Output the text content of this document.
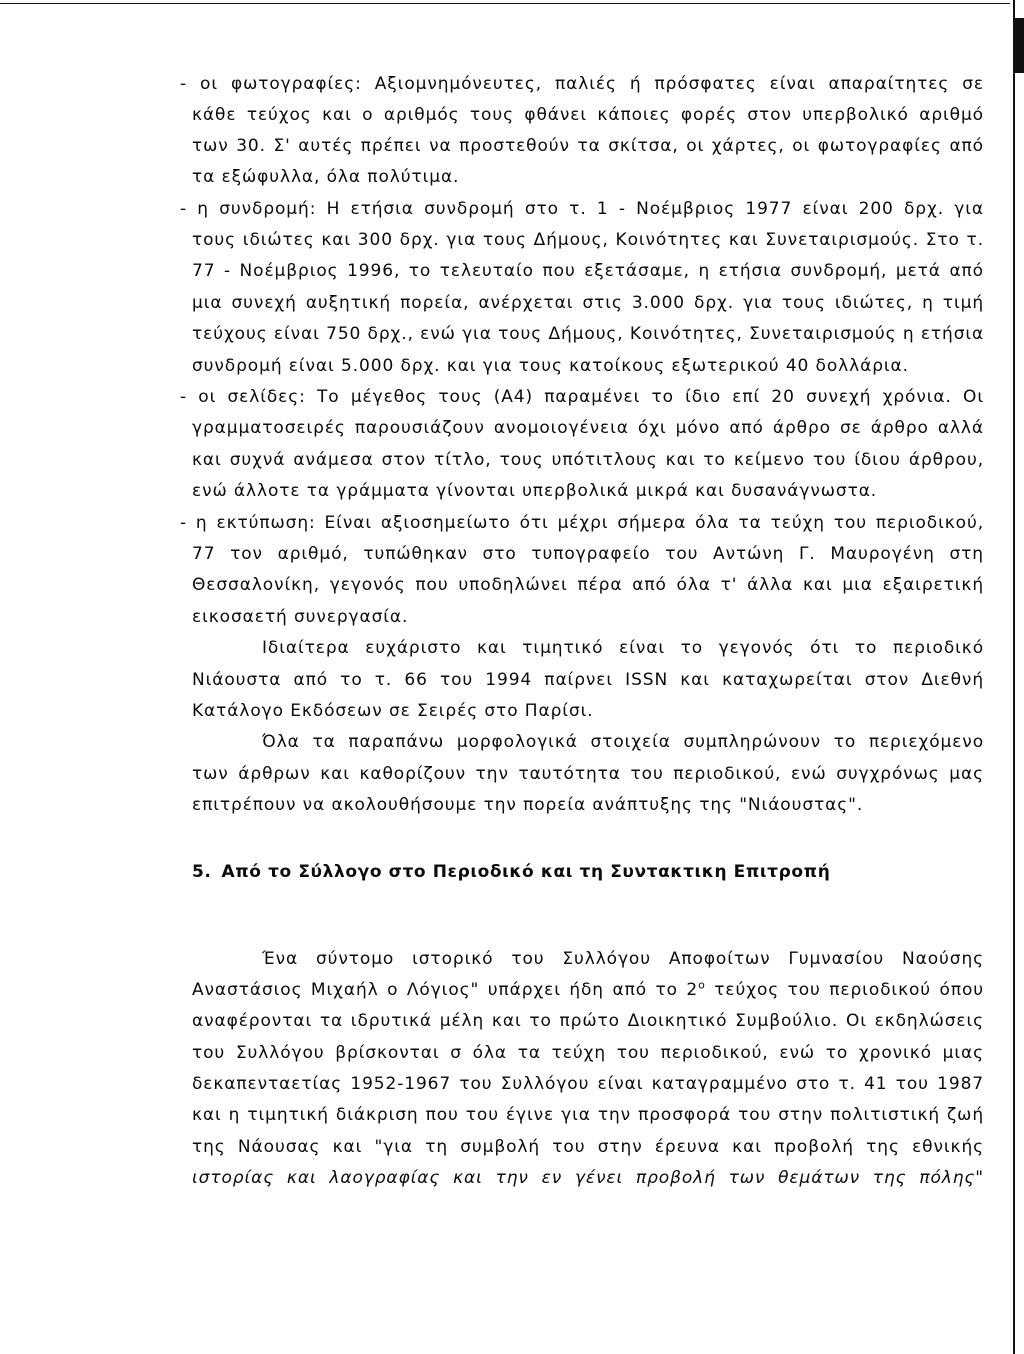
- οι φωτογραφίες: Αξιομνημόνευτες, παλιές ή πρόσφατες είναι απαραίτητες σε
κάθε τεύχος και ο αριθμός τους φθάνει κάποιες φορές στον υπερβολικό αριθμό
των 30. Σ' αυτές πρέπει να προστεθούν τα σκίτσα, οι χάρτες, οι φωτογραφίες από
τα εξώφυλλα, όλα πολύτιμα.
- η συνδρομή: Η ετήσια συνδρομή στο τ. 1 - Νοέμβριος 1977 είναι 200 δρχ. για
τους ιδιώτες και 300 δρχ. για τους Δήμους, Κοινότητες και Συνεταιρισμούς. Στο τ.
77 - Νοέμβριος 1996, το τελευταίο που εξετάσαμε, η ετήσια συνδρομή, μετά από
μια συνεχή αυξητική πορεία, ανέρχεται στις 3.000 δρχ. για τους ιδιώτες, η τιμή
τεύχους είναι 750 δρχ., ενώ για τους Δήμους, Κοινότητες, Συνεταιρισμούς η ετήσια
συνδρομή είναι 5.000 δρχ. και για τους κατοίκους εξωτερικού 40 δολλάρια.
- οι σελίδες: Το μέγεθος τους (Α4) παραμένει το ίδιο επί 20 συνεχή χρόνια. Οι
γραμματοσειρές παρουσιάζουν ανομοιογένεια όχι μόνο από άρθρο σε άρθρο αλλά
και συχνά ανάμεσα στον τίτλο, τους υπότιτλους και το κείμενο του ίδιου άρθρου,
ενώ άλλοτε τα γράμματα γίνονται υπερβολικά μικρά και δυσανάγνωστα.
- η εκτύπωση: Είναι αξιοσημείωτο ότι μέχρι σήμερα όλα τα τεύχη του περιοδικού,
77 τον αριθμό, τυπώθηκαν στο τυπογραφείο του Αντώνη Γ. Μαυρογένη στη
Θεσσαλονίκη, γεγονός που υποδηλώνει πέρα από όλα τ' άλλα και μια εξαιρετική
εικοσαετή συνεργασία.
Ιδιαίτερα ευχάριστο και τιμητικό είναι το γεγονός ότι το περιοδικό
Νιάουστα από το τ. 66 του 1994 παίρνει ISSN και καταχωρείται στον Διεθνή
Κατάλογο Εκδόσεων σε Σειρές στο Παρίσι.
Όλα τα παραπάνω μορφολογικά στοιχεία συμπληρώνουν το περιεχόμενο
των άρθρων και καθορίζουν την ταυτότητα του περιοδικού, ενώ συγχρόνως μας
επιτρέπουν να ακολουθήσουμε την πορεία ανάπτυξης της "Νιάουστας".
5. Από το Σύλλογο στο Περιοδικό και τη Συντακτικη Επιτροπή
Ένα σύντομο ιστορικό του Συλλόγου Αποφοίτων Γυμνασίου Ναούσης
Αναστάσιος Μιχαήλ ο Λόγιος" υπάρχει ήδη από το $2^o$ τεύχος του περιοδικού όπου
αναφέρονται τα ιδρυτικά μέλη και το πρώτο Διοικητικό Συμβούλιο. Οι εκδηλώσεις
του Συλλόγου βρίσκονται σ όλα τα τεύχη του περιοδικού, ενώ το χρονικό μιας
δεκαπενταετίας 1952-1967 του Συλλόγου είναι καταγραμμένο στο τ. 41 του 1987
και η τιμητική διάκριση που του έγινε για την προσφορά του στην πολιτιστική ζωή
της Νάουσας και "για τη συμβολή του στην έρευνα και προβολή της εθνικής
ιστορίας και λαογραφίας και την εν γένει προβολή των θεμάτων της πόλης"
